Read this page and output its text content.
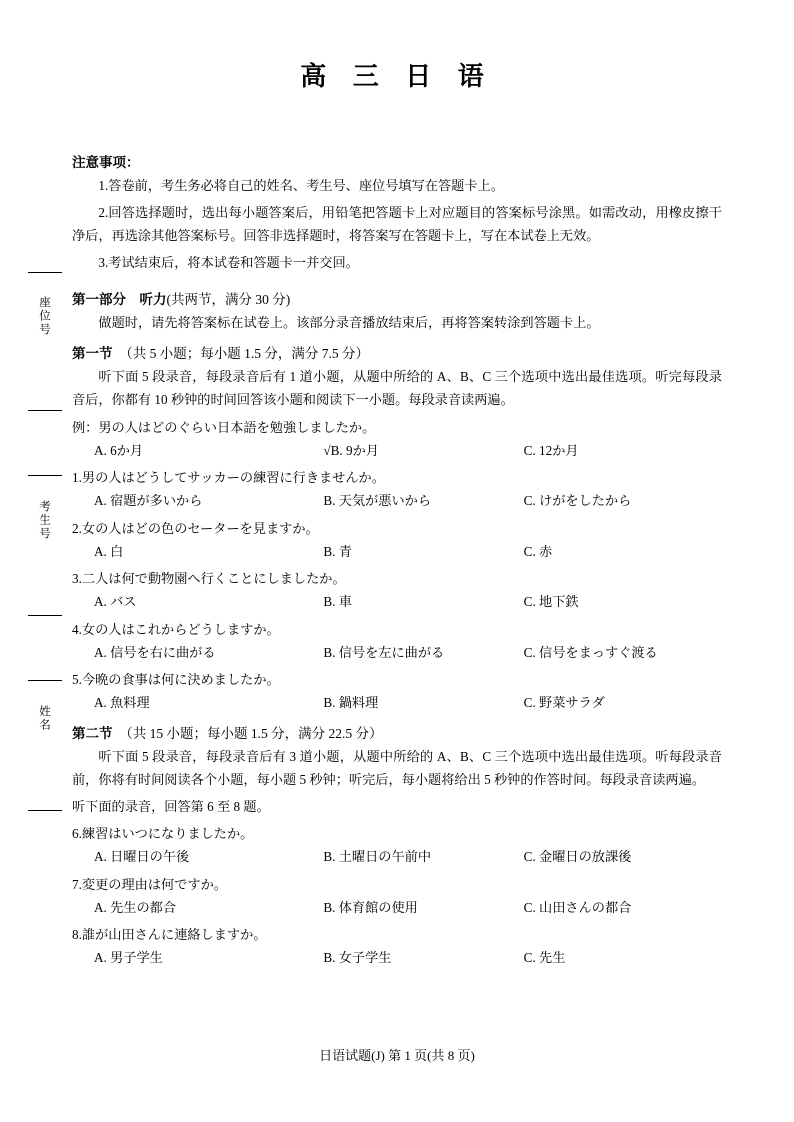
座位号
考生号
姓名
高 三 日 语
注意事项：

1.答卷前，考生务必将自己的姓名、考生号、座位号填写在答题卡上。

2.回答选择题时，选出每小题答案后，用铅笔把答题卡上对应题目的答案标号涂黑。如需改动，用橡皮擦干净后，再选涂其他答案标号。回答非选择题时，将答案写在答题卡上，写在本试卷上无效。

3.考试结束后，将本试卷和答题卡一并交回。

第一部分　听力(共两节，满分 30 分)

做题时，请先将答案标在试卷上。该部分录音播放结束后，再将答案转涂到答题卡上。

第一节 （共 5 小题；每小题 1.5 分，满分 7.5 分）

听下面 5 段录音，每段录音后有 1 道小题，从题中所给的 A、B、C 三个选项中选出最佳选项。听完每段录音后，你都有 10 秒钟的时间回答该小题和阅读下一小题。每段录音读两遍。

例：男の人はどのぐらい日本語を勉強しましたか。
A. 6か月	√B. 9か月	C. 12か月
1.男の人はどうしてサッカーの練習に行きませんか。
A. 宿題が多いから	B. 天気が悪いから	C. けがをしたから
2.女の人はどの色のセーターを見ますか。
A. 白	B. 青	C. 赤
3.二人は何で動物園へ行くことにしましたか。
A. バス	B. 車	C. 地下鉄
4.女の人はこれからどうしますか。
A. 信号を右に曲がる	B. 信号を左に曲がる	C. 信号をまっすぐ渡る
5.今晩の食事は何に決めましたか。
A. 魚料理	B. 鍋料理	C. 野菜サラダ
第二节 （共 15 小题；每小题 1.5 分，满分 22.5 分）

听下面 5 段录音，每段录音后有 3 道小题，从题中所给的 A、B、C 三个选项中选出最佳选项。听每段录音前，你将有时间阅读各个小题，每小题 5 秒钟；听完后，每小题将给出 5 秒钟的作答时间。每段录音读两遍。

听下面的录音，回答第 6 至 8 题。

6.練習はいつになりましたか。
A. 日曜日の午後	B. 土曜日の午前中	C. 金曜日の放課後
7.変更の理由は何ですか。
A. 先生の都合	B. 体育館の使用	C. 山田さんの都合
8.誰が山田さんに連絡しますか。
A. 男子学生	B. 女子学生	C. 先生
日语试题(J) 第 1 页(共 8 页)
